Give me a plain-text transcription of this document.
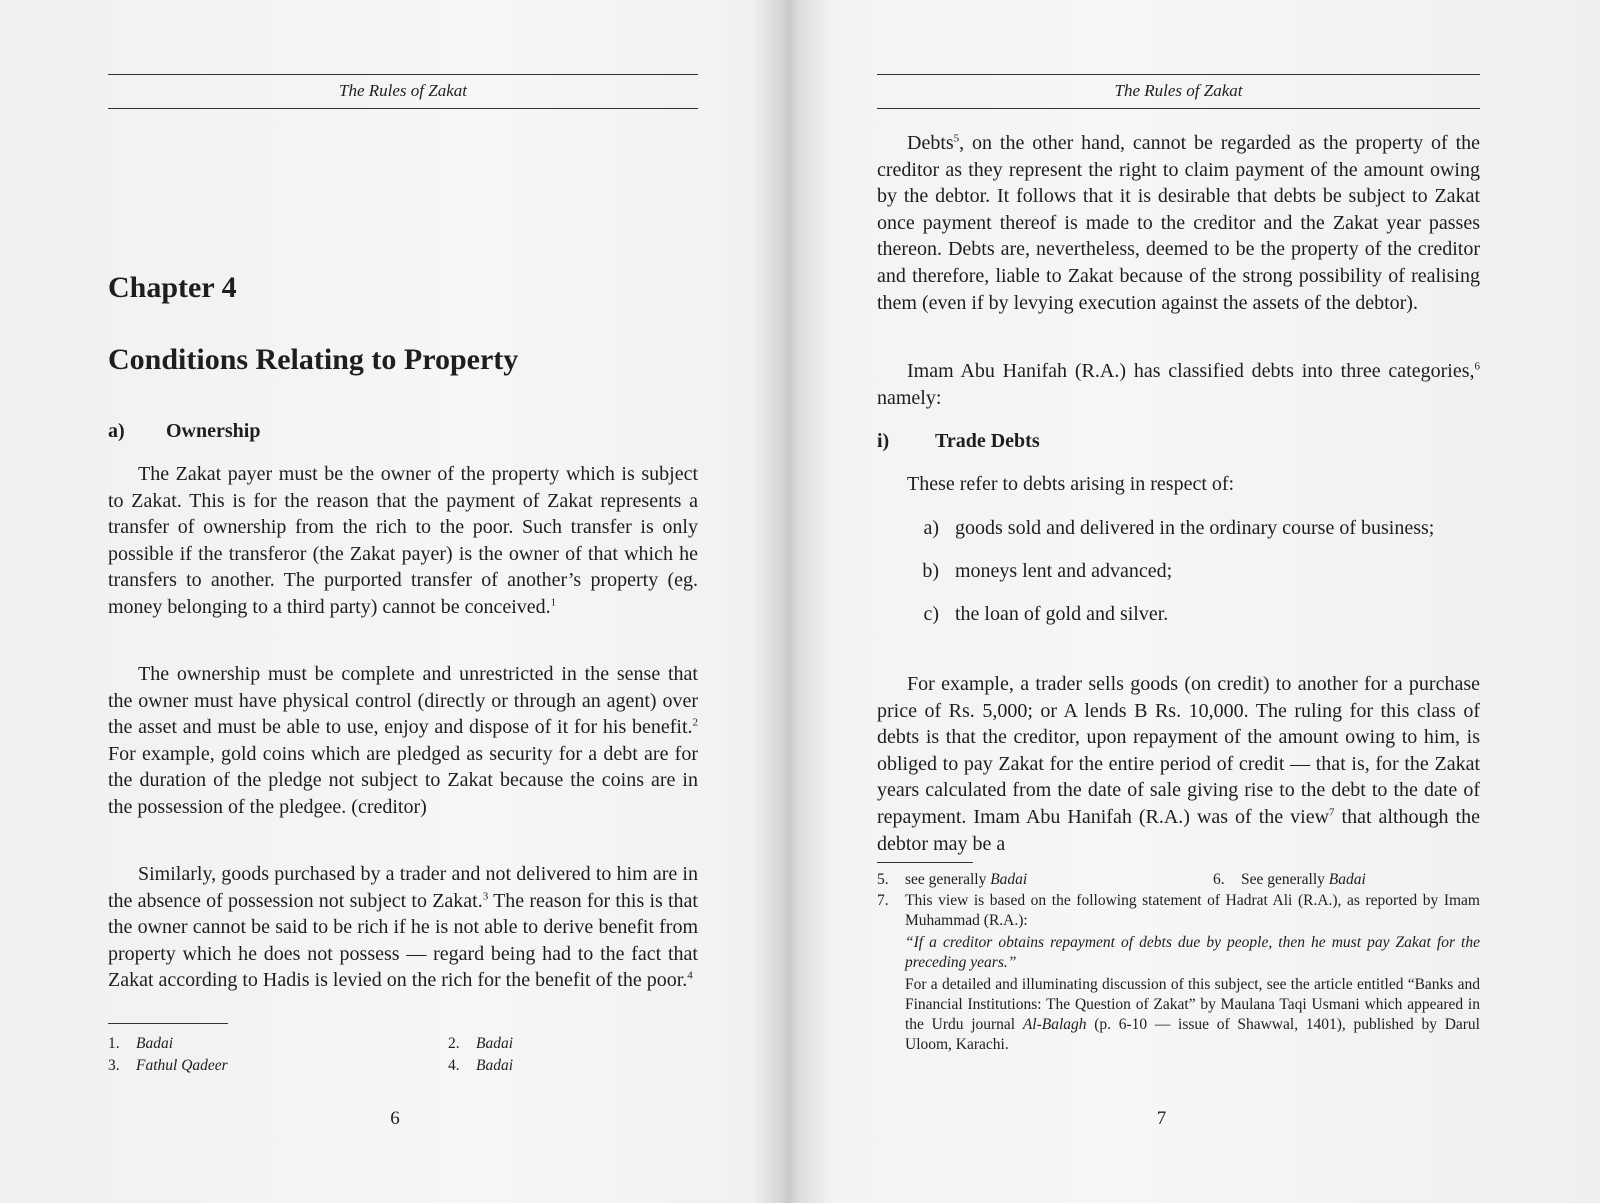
The Rules of Zakat
Chapter 4
Conditions Relating to Property
a) Ownership

The Zakat payer must be the owner of the property which is subject to Zakat. This is for the reason that the payment of Zakat represents a transfer of ownership from the rich to the poor. Such transfer is only possible if the transferor (the Zakat payer) is the owner of that which he transfers to another. The purported transfer of another’s property (eg. money belonging to a third party) cannot be conceived.$^1$

The ownership must be complete and unrestricted in the sense that the owner must have physical control (directly or through an agent) over the asset and must be able to use, enjoy and dispose of it for his benefit.$^2$ For example, gold coins which are pledged as security for a debt are for the duration of the pledge not subject to Zakat because the coins are in the possession of the pledgee. (creditor)

Similarly, goods purchased by a trader and not delivered to him are in the absence of possession not subject to Zakat.$^3$ The reason for this is that the owner cannot be said to be rich if he is not able to derive benefit from property which he does not possess — regard being had to the fact that Zakat according to Hadis is levied on the rich for the benefit of the poor.$^4$

1. Badai	2. Badai
3. Fathul Qadeer	4. Badai
6
The Rules of Zakat

Debts$^5$, on the other hand, cannot be regarded as the property of the creditor as they represent the right to claim payment of the amount owing by the debtor. It follows that it is desirable that debts be subject to Zakat once payment thereof is made to the creditor and the Zakat year passes thereon. Debts are, nevertheless, deemed to be the property of the creditor and therefore, liable to Zakat because of the strong possibility of realising them (even if by levying execution against the assets of the debtor).

Imam Abu Hanifah (R.A.) has classified debts into three categories,$^6$ namely:

i) Trade Debts

These refer to debts arising in respect of:

a) goods sold and delivered in the ordinary course of business;
b) moneys lent and advanced;
c) the loan of gold and silver.

For example, a trader sells goods (on credit) to another for a purchase price of Rs. 5,000; or A lends B Rs. 10,000. The ruling for this class of debts is that the creditor, upon repayment of the amount owing to him, is obliged to pay Zakat for the entire period of credit — that is, for the Zakat years calculated from the date of sale giving rise to the debt to the date of repayment. Imam Abu Hanifah (R.A.) was of the view$^7$ that although the debtor may be a

5. see generally Badai	6. See generally Badai
7.	This view is based on the following statement of Hadrat Ali (R.A.), as reported by Imam Muhammad (R.A.):
“If a creditor obtains repayment of debts due by people, then he must pay Zakat for the preceding years.”
For a detailed and illuminating discussion of this subject, see the article entitled “Banks and Financial Institutions: The Question of Zakat” by Maulana Taqi Usmani which appeared in the Urdu journal Al-Balagh (p. 6-10 — issue of Shawwal, 1401), published by Darul Uloom, Karachi.
7
